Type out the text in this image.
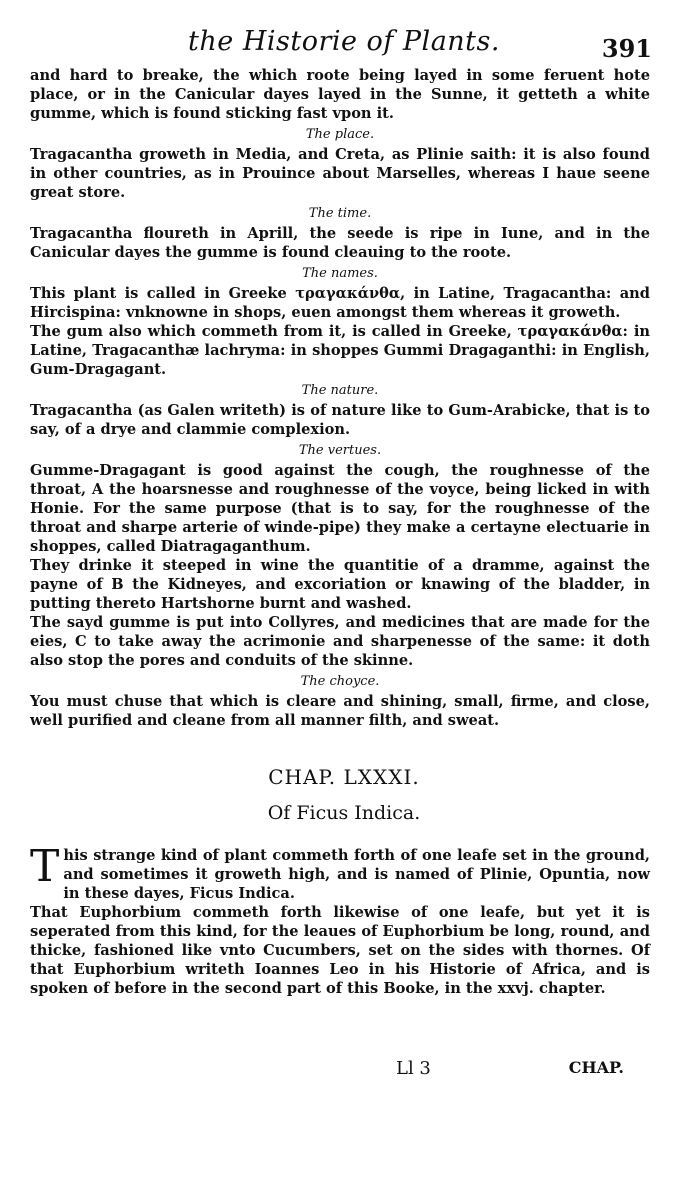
the Historie of Plants.	391

and hard to breake, the which roote being layed in some feruent hote place, or in the Canicular dayes layed in the Sunne, it getteth a white gumme, which is found sticking fast vpon it.

The place.

Tragacantha groweth in Media, and Creta, as Plinie saith: it is also found in other countries, as in Prouince about Marselles, whereas I haue seene great store.

The time.

Tragacantha floureth in Aprill, the seede is ripe in Iune, and in the Canicular dayes the gumme is found cleauing to the roote.

The names.

This plant is called in Greeke τραγακάνθα, in Latine, Tragacantha: and Hircispina: vnknowne in shops, euen amongst them whereas it groweth.

The gum also which commeth from it, is called in Greeke, τραγακάνθα: in Latine, Tragacanthæ lachryma: in shoppes Gummi Dragaganthi: in English, Gum-Dragagant.

The nature.

Tragacantha (as Galen writeth) is of nature like to Gum-Arabicke, that is to say, of a drye and clammie complexion.

The vertues.

Gumme-Dragagant is good against the cough, the roughnesse of the throat, A the hoarsnesse and roughnesse of the voyce, being licked in with Honie. For the same purpose (that is to say, for the roughnesse of the throat and sharpe arterie of winde-pipe) they make a certayne electuarie in shoppes, called Diatragaganthum.

They drinke it steeped in wine the quantitie of a dramme, against the payne of B the Kidneyes, and excoriation or knawing of the bladder, in putting thereto Hartshorne burnt and washed.

The sayd gumme is put into Collyres, and medicines that are made for the eies, C to take away the acrimonie and sharpenesse of the same: it doth also stop the pores and conduits of the skinne.

The choyce.

You must chuse that which is cleare and shining, small, firme, and close, well purified and cleane from all manner filth, and sweat.

CHAP. LXXXI.
Of Ficus Indica.

This strange kind of plant commeth forth of one leafe set in the ground, and sometimes it groweth high, and is named of Plinie, Opuntia, now in these dayes, Ficus Indica.

That Euphorbium commeth forth likewise of one leafe, but yet it is seperated from this kind, for the leaues of Euphorbium be long, round, and thicke, fashioned like vnto Cucumbers, set on the sides with thornes. Of that Euphorbium writeth Ioannes Leo in his Historie of Africa, and is spoken of before in the second part of this Booke, in the xxvj. chapter.

Ll 3	CHAP.
